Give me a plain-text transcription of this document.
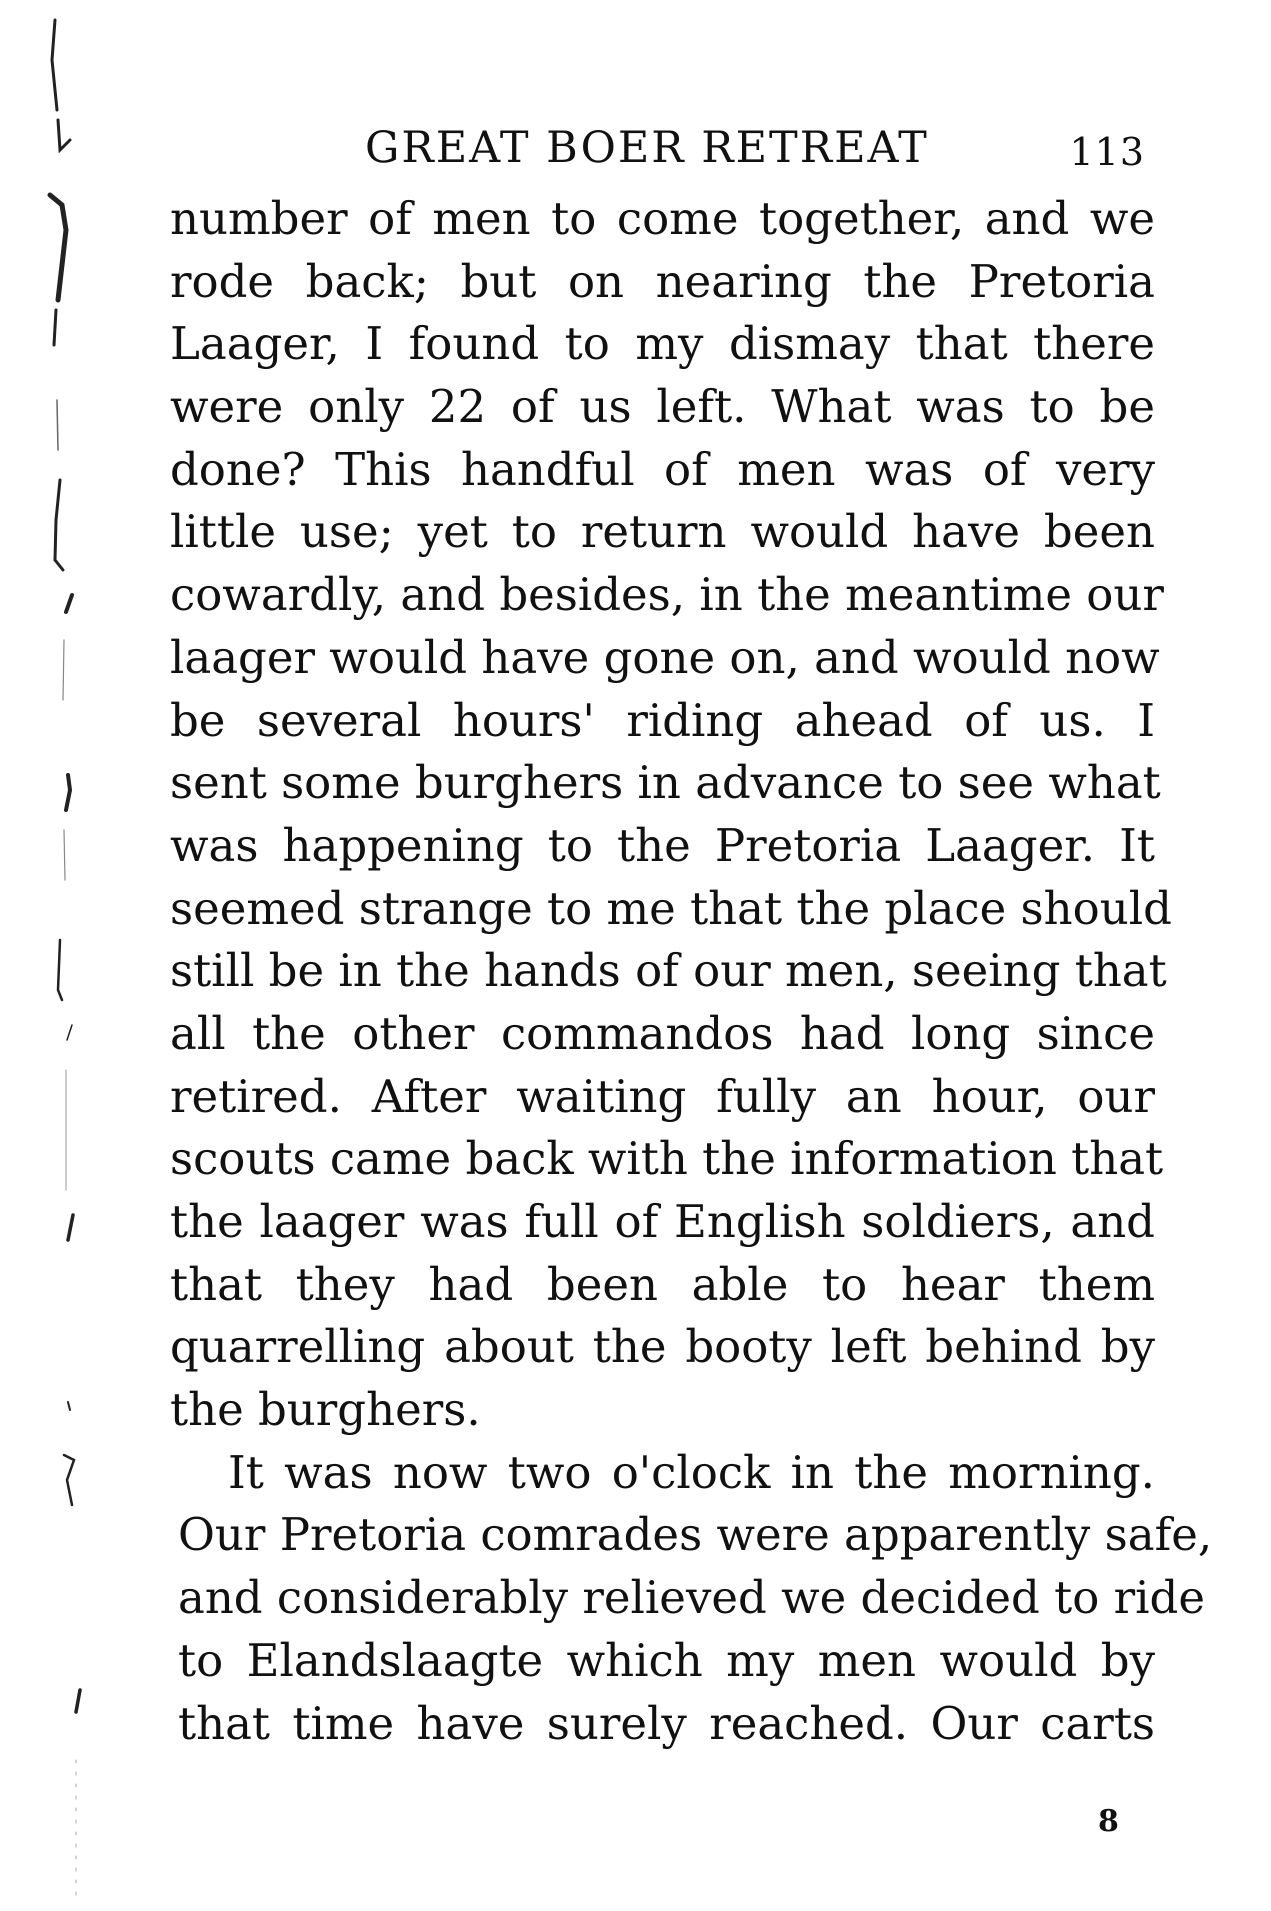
GREAT BOER RETREAT	113
number of men to come together, and we
rode back; but on nearing the Pretoria
Laager, I found to my dismay that there
were only 22 of us left. What was to be
done? This handful of men was of very
little use; yet to return would have been
cowardly, and besides, in the meantime our
laager would have gone on, and would now
be several hours' riding ahead of us. I
sent some burghers in advance to see what
was happening to the Pretoria Laager. It
seemed strange to me that the place should
still be in the hands of our men, seeing that
all the other commandos had long since
retired. After waiting fully an hour, our
scouts came back with the information that
the laager was full of English soldiers, and
that they had been able to hear them
quarrelling about the booty left behind by
the burghers.
It was now two o'clock in the morning.
Our Pretoria comrades were apparently safe,
and considerably relieved we decided to ride
to Elandslaagte which my men would by
that time have surely reached. Our carts
8
